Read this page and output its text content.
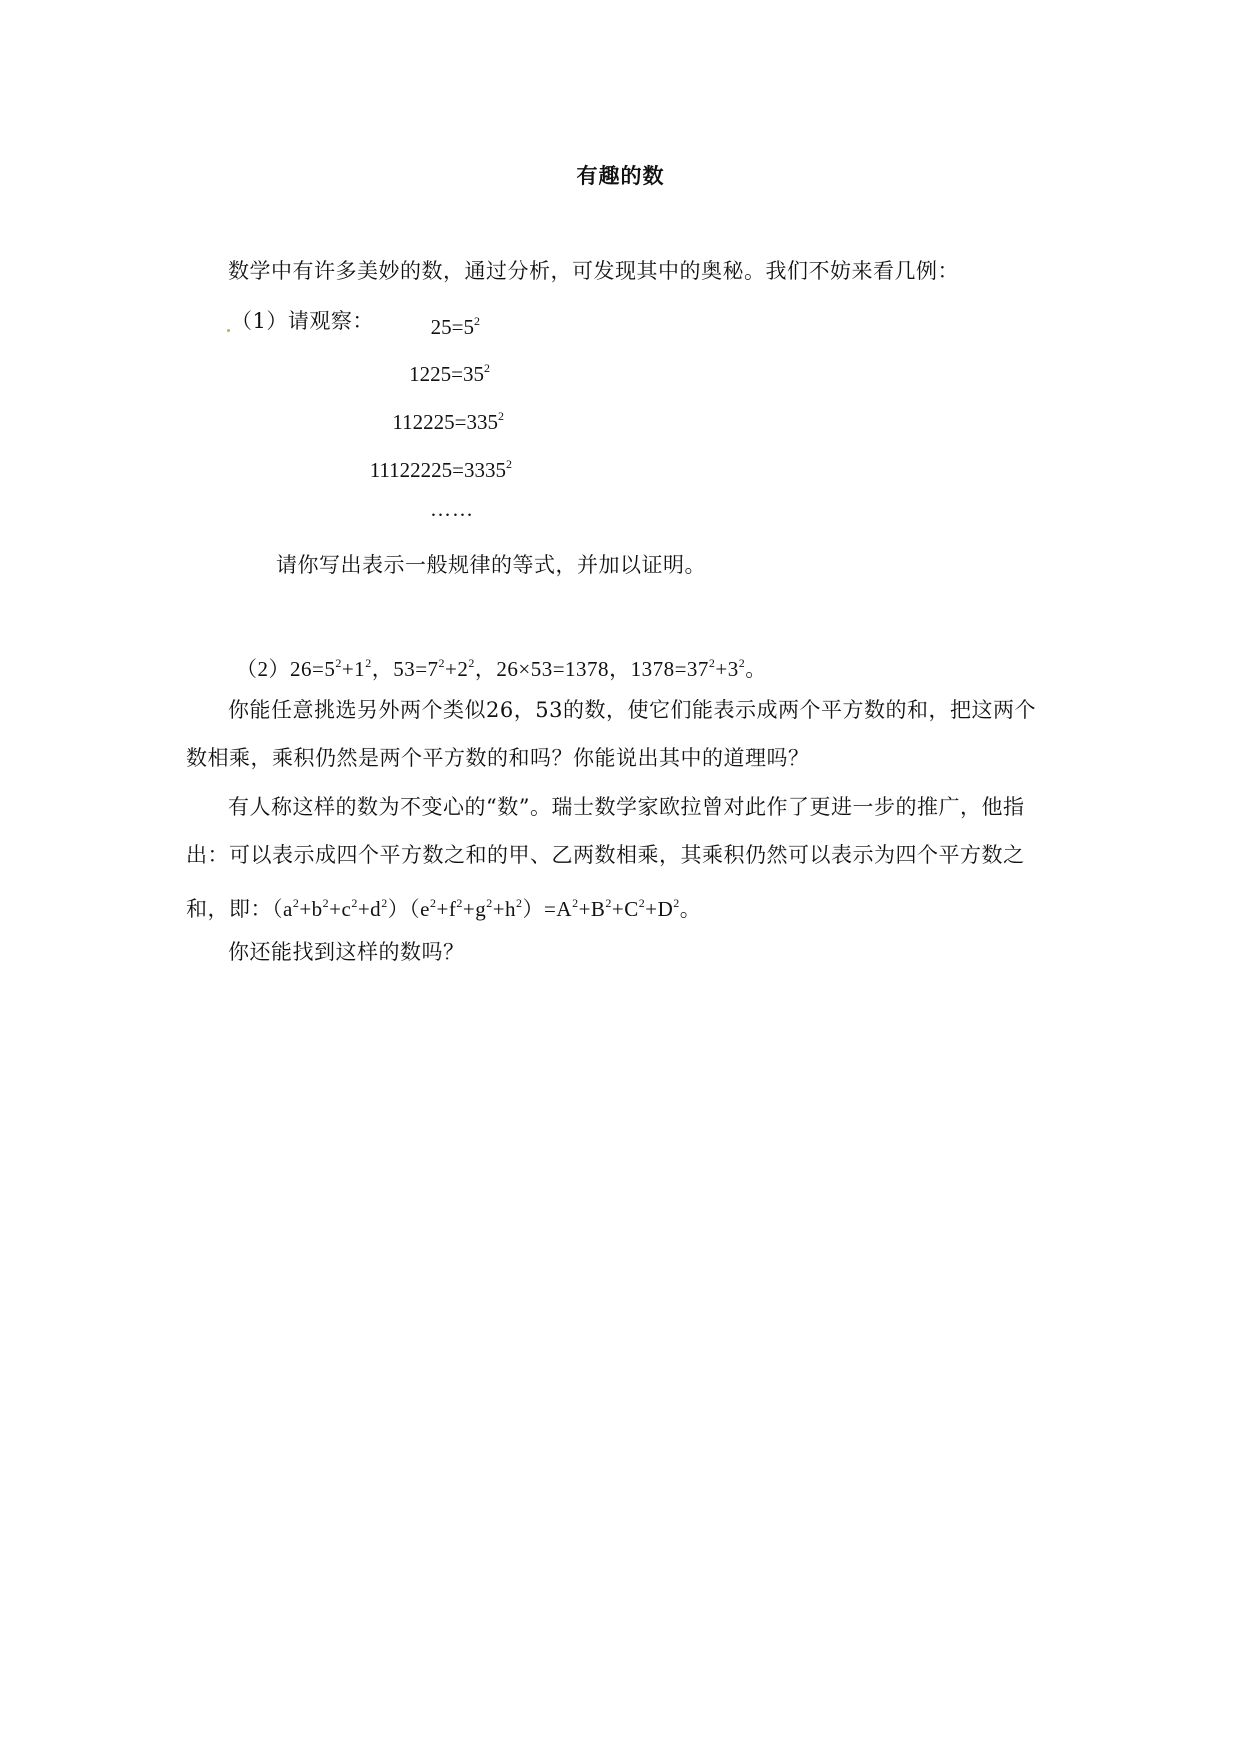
有趣的数
数学中有许多美妙的数，通过分析，可发现其中的奥秘。我们不妨来看几例：
（1）请观察：	$25=5^2$
$1225=35^2$
$112225=335^2$
$11122225=3335^2$
……
请你写出表示一般规律的等式，并加以证明。
$(2)26=5^2+1^2$，$53=7^2+2^2$，26×53=1378，$1378=37^2+3^2$。
你能任意挑选另外两个类似26，53的数，使它们能表示成两个平方数的和，把这两个
数相乘，乘积仍然是两个平方数的和吗？你能说出其中的道理吗？
有人称这样的数为不变心的“数”。瑞士数学家欧拉曾对此作了更进一步的推广，他指
出：可以表示成四个平方数之和的甲、乙两数相乘，其乘积仍然可以表示为四个平方数之
和，即：$(a^2+b^2+c^2+d^2)(e^2+f^2+g^2+h^2)=A^2+B^2+C^2+D^2$。
你还能找到这样的数吗？
